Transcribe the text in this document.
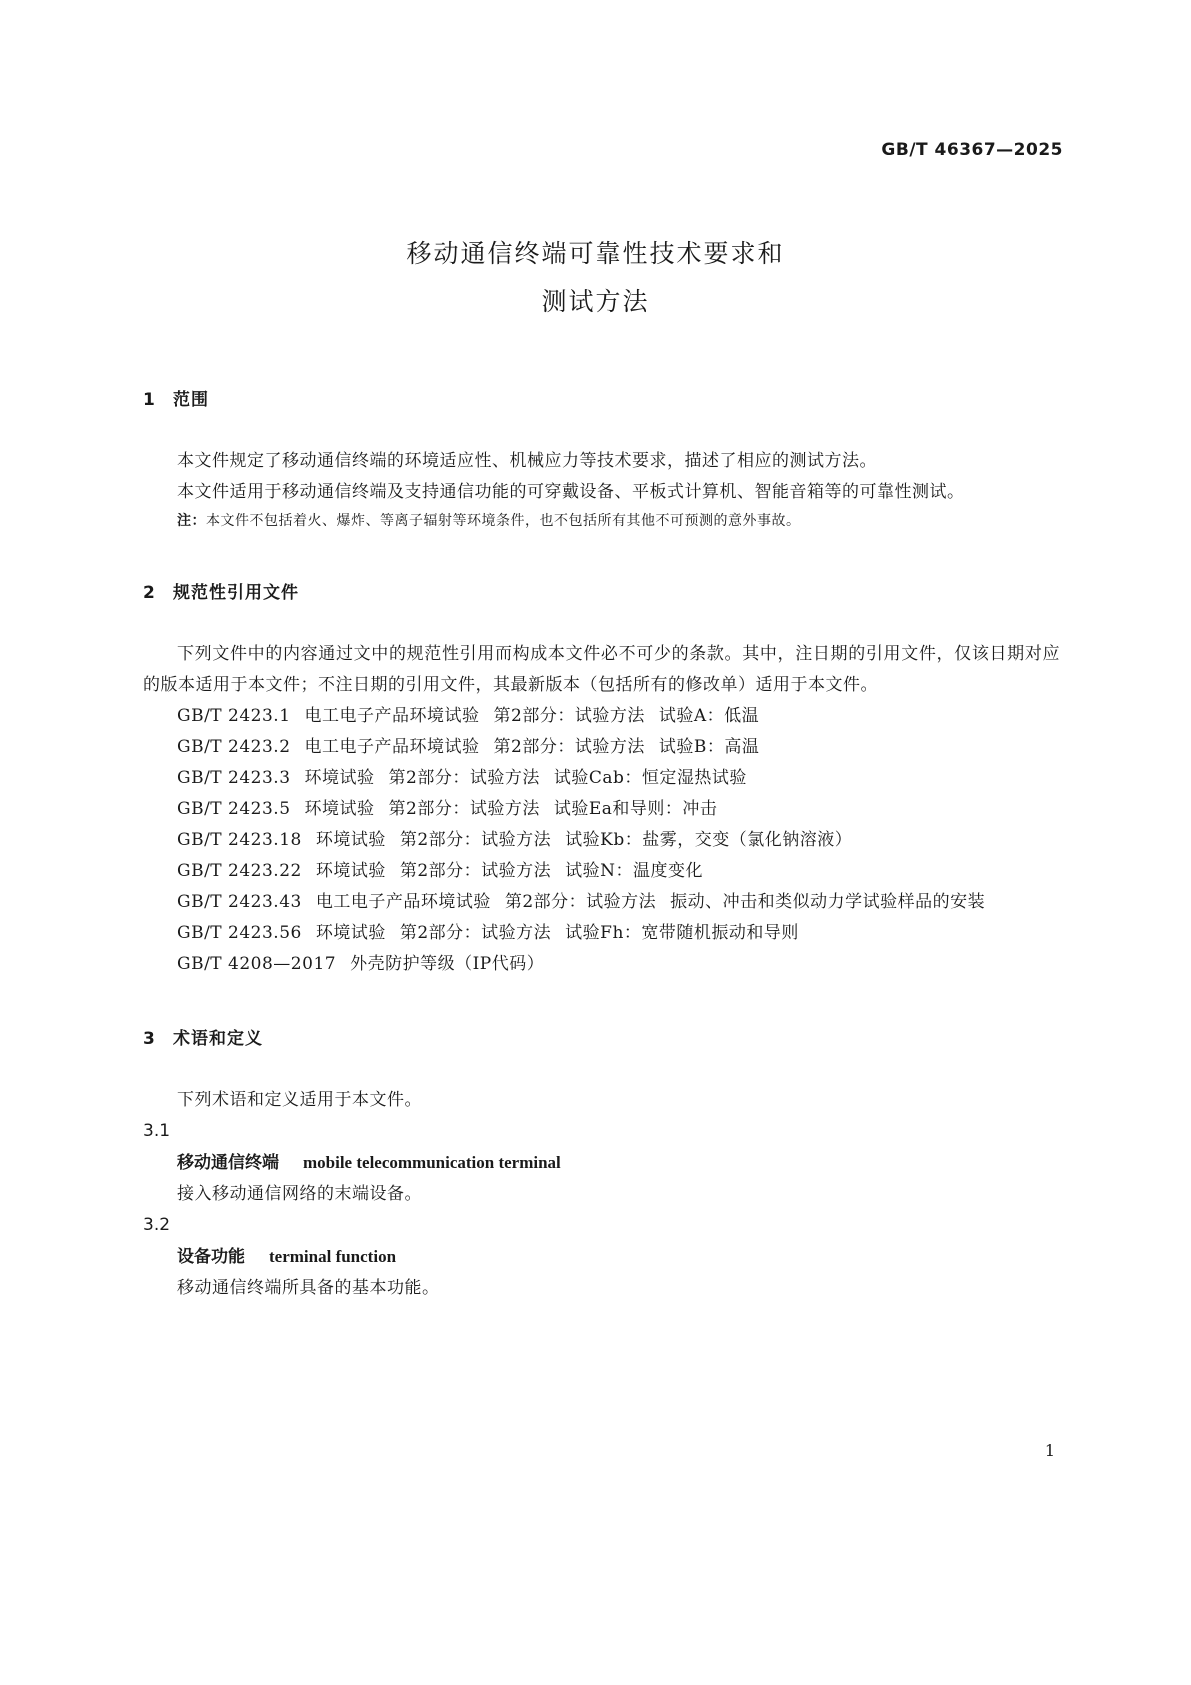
GB/T 46367—2025
移动通信终端可靠性技术要求和
测试方法
1 范围
本文件规定了移动通信终端的环境适应性、机械应力等技术要求，描述了相应的测试方法。
本文件适用于移动通信终端及支持通信功能的可穿戴设备、平板式计算机、智能音箱等的可靠性测试。
注：本文件不包括着火、爆炸、等离子辐射等环境条件，也不包括所有其他不可预测的意外事故。
2 规范性引用文件
下列文件中的内容通过文中的规范性引用而构成本文件必不可少的条款。其中，注日期的引用文件，仅该日期对应的版本适用于本文件；不注日期的引用文件，其最新版本（包括所有的修改单）适用于本文件。
GB/T 2423.1 电工电子产品环境试验 第2部分：试验方法 试验A：低温
GB/T 2423.2 电工电子产品环境试验 第2部分：试验方法 试验B：高温
GB/T 2423.3 环境试验 第2部分：试验方法 试验Cab：恒定湿热试验
GB/T 2423.5 环境试验 第2部分：试验方法 试验Ea和导则：冲击
GB/T 2423.18 环境试验 第2部分：试验方法 试验Kb：盐雾，交变（氯化钠溶液）
GB/T 2423.22 环境试验 第2部分：试验方法 试验N：温度变化
GB/T 2423.43 电工电子产品环境试验 第2部分：试验方法 振动、冲击和类似动力学试验样品的安装
GB/T 2423.56 环境试验 第2部分：试验方法 试验Fh：宽带随机振动和导则
GB/T 4208—2017 外壳防护等级（IP代码）
3 术语和定义
下列术语和定义适用于本文件。
3.1
移动通信终端 mobile telecommunication terminal
接入移动通信网络的末端设备。
3.2
设备功能 terminal function
移动通信终端所具备的基本功能。
1
